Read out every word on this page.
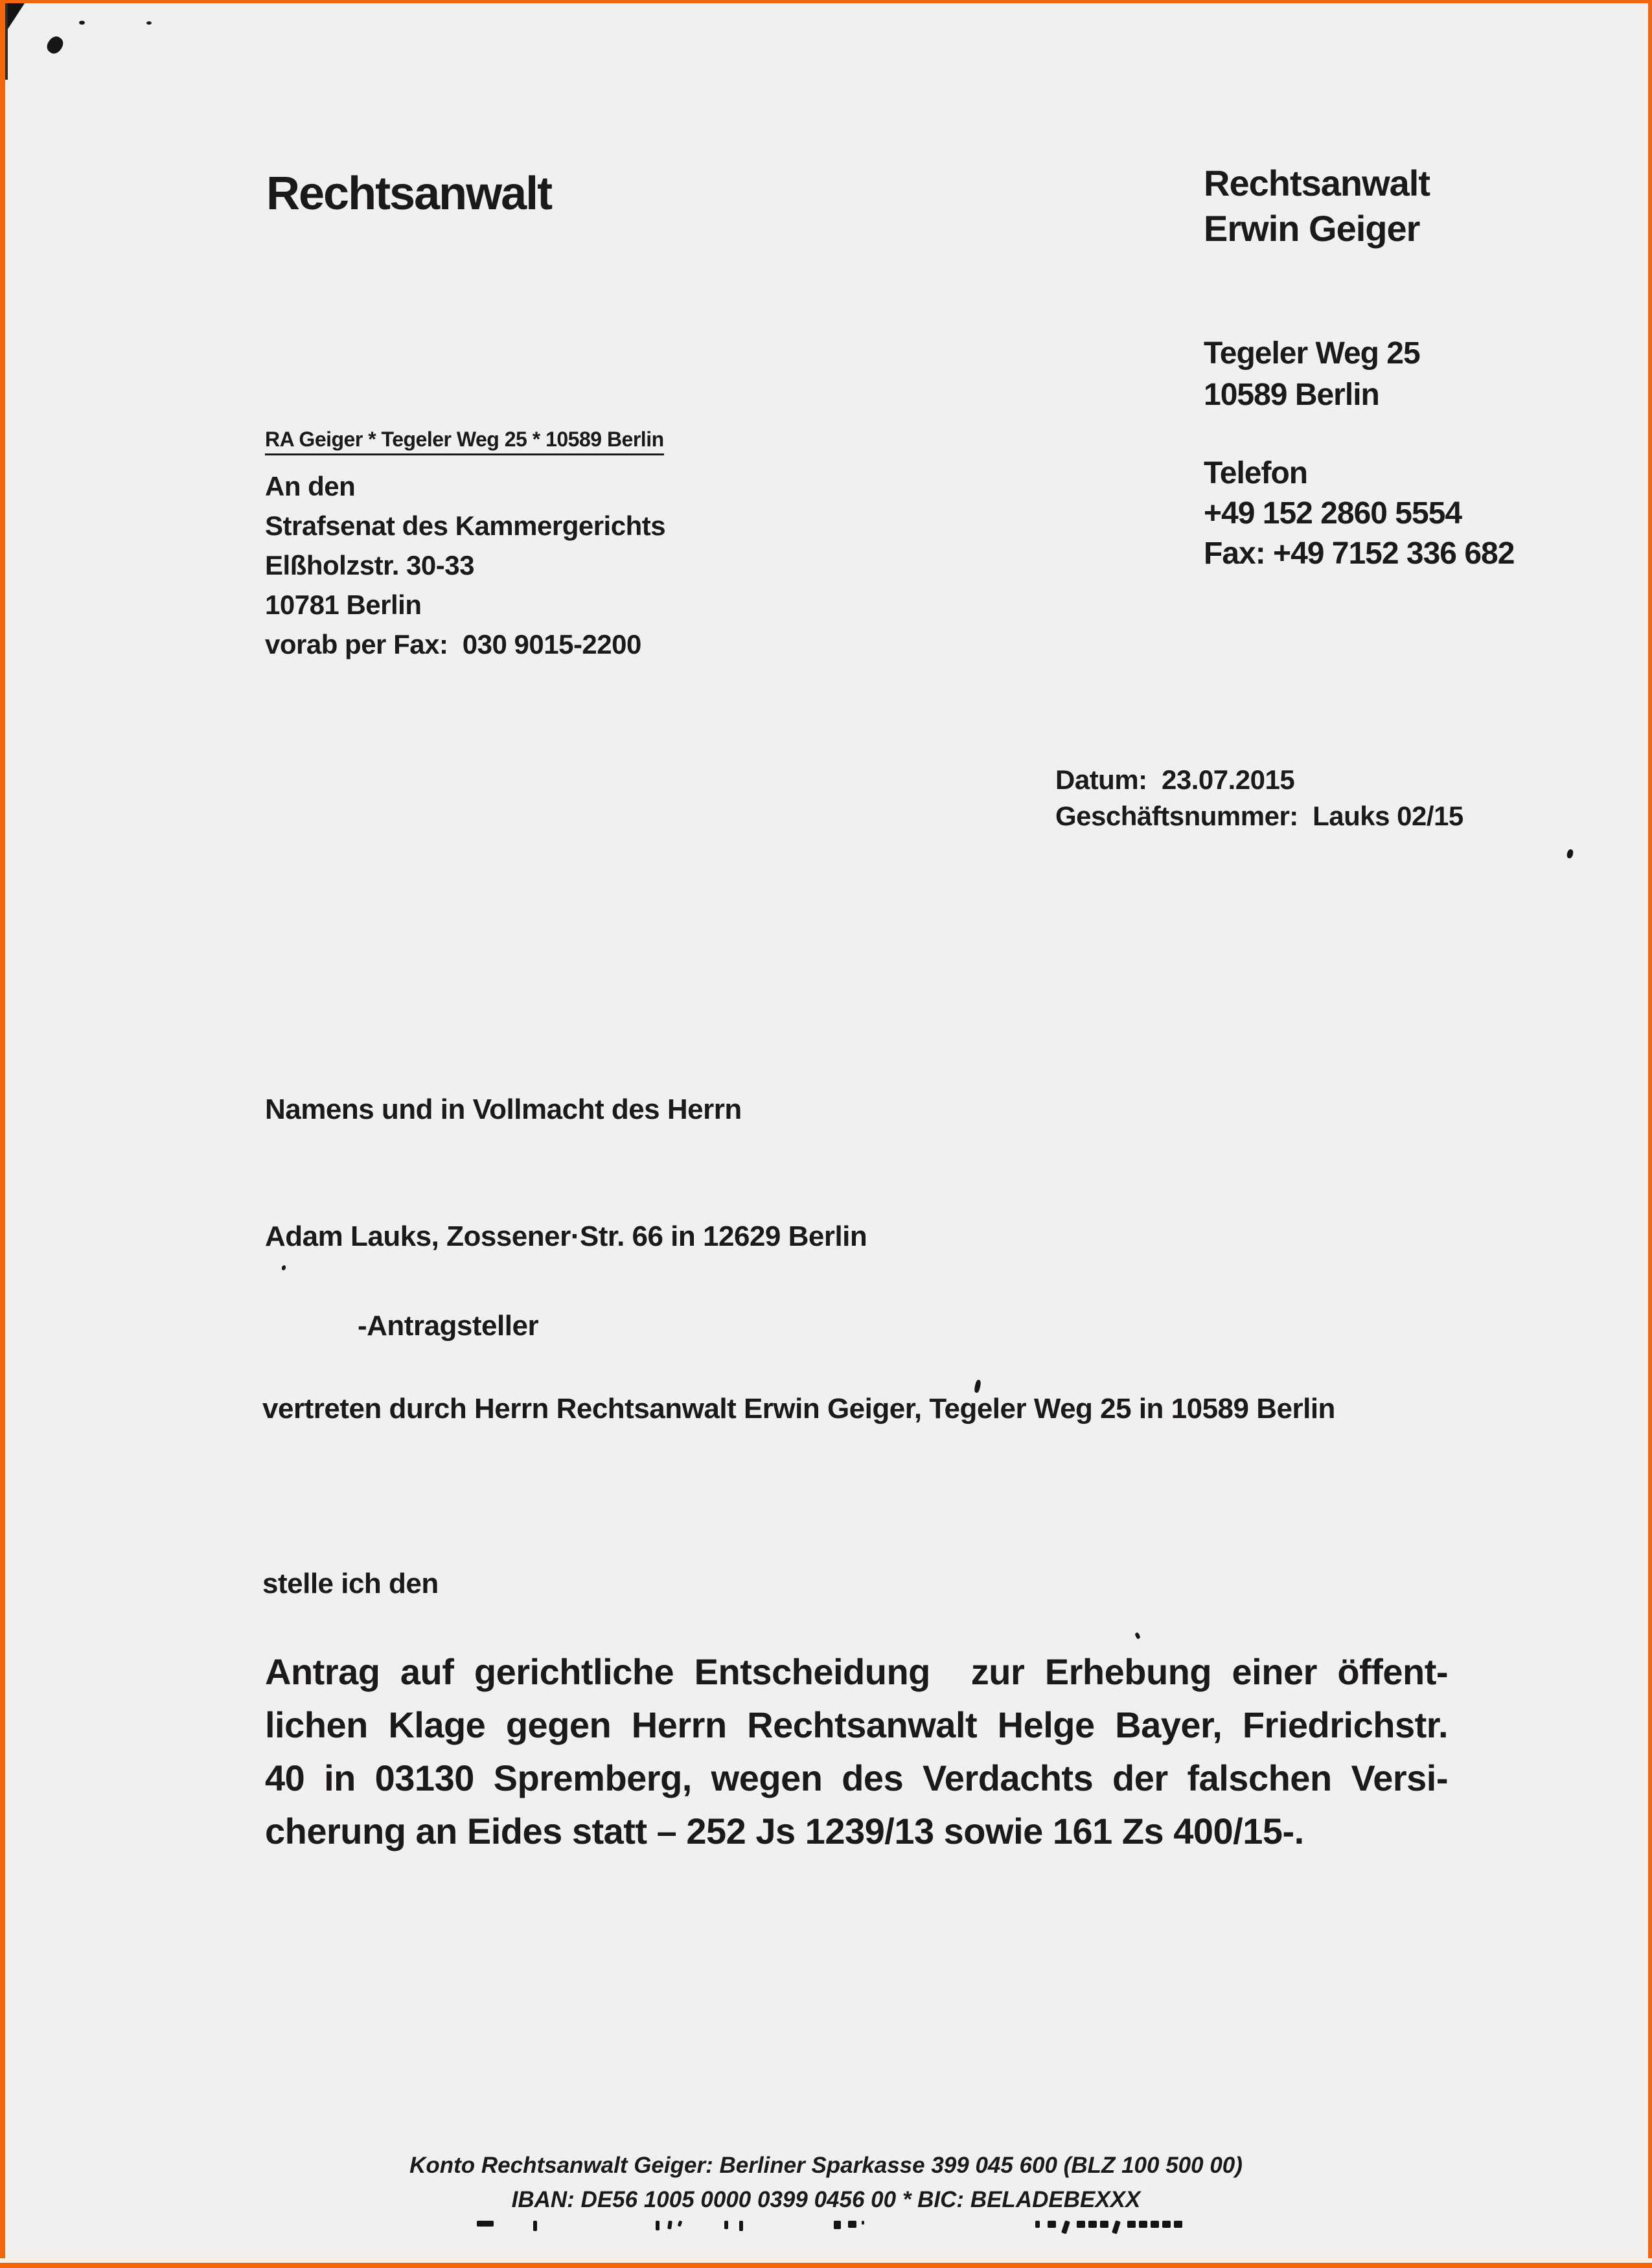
Rechtsanwalt	Rechtsanwalt
Erwin Geiger
Tegeler Weg 25
10589 Berlin
Telefon
+49 152 2860 5554
Fax: +49 7152 336 682
RA Geiger * Tegeler Weg 25 * 10589 Berlin
An den
Strafsenat des Kammergerichts
Elßholzstr. 30-33
10781 Berlin
vorab per Fax:  030 9015-2200
Datum:  23.07.2015
Geschäftsnummer:  Lauks 02/15
Namens und in Vollmacht des Herrn
Adam Lauks, Zossener·Str. 66 in 12629 Berlin
-Antragsteller
vertreten durch Herrn Rechtsanwalt Erwin Geiger, Tegeler Weg 25 in 10589 Berlin
stelle ich den
Antrag auf gerichtliche Entscheidung  zur Erhebung einer öffent-
lichen Klage gegen Herrn Rechtsanwalt Helge Bayer, Friedrichstr.
40 in 03130 Spremberg, wegen des Verdachts der falschen Versi-
cherung an Eides statt – 252 Js 1239/13 sowie 161 Zs 400/15-.
Konto Rechtsanwalt Geiger: Berliner Sparkasse 399 045 600 (BLZ 100 500 00)
IBAN: DE56 1005 0000 0399 0456 00 * BIC: BELADEBEXXX
